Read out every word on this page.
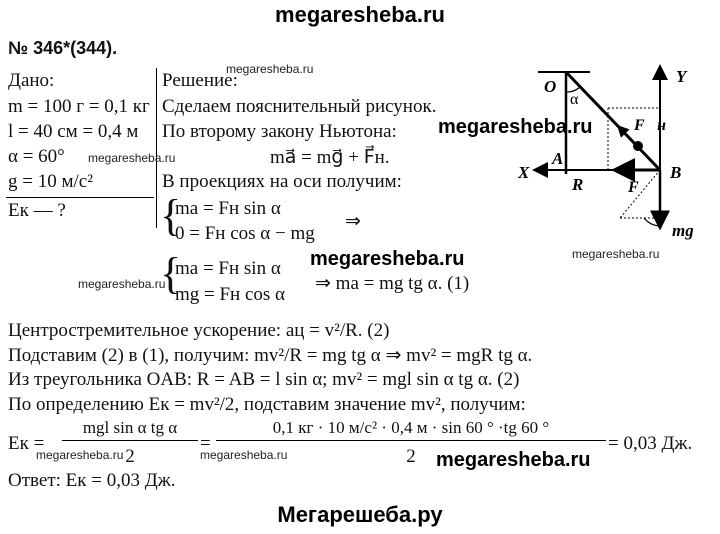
megaresheba.ru
№ 346*(344).
Дано:
m = 100 г = 0,1 кг
l = 40 см = 0,4 м
α = 60°
g = 10 м/с²
Eк — ?
Решение:
Сделаем пояснительный рисунок.
По второму закону Ньютона:
ma⃗ = mg⃗ + F⃗н.
В проекциях на оси получим:
{
ma = Fн sin α
0 = Fн cos α − mg
⇒
{
ma = Fн sin α
mg = Fн cos α
⇒ ma = mg tg α. (1)
Центростремительное ускорение: aц = v²/R. (2)
Подставим (2) в (1), получим: mv²/R = mg tg α ⇒ mv² = mgR tg α.
Из треугольника OAB: R = AB = l sin α; mv² = mgl sin α tg α. (2)
По определению Eк = mv²/2, подставим значение mv², получим:
Eк =
mgl sin α tg α
2
=
0,1 кг · 10 м/с² · 0,4 м · sin 60 ° ·tg 60 °
2
= 0,03 Дж.
Ответ: Eк = 0,03 Дж.
megaresheba.ru
megaresheba.ru
megaresheba.ru
megaresheba.ru
megaresheba.ru	megaresheba.ru
megaresheba.ru
megaresheba.ru
megaresheba.ru
O
α
A
B
R
X
Y
F⃗н
F⃗
mg⃗
Мегарешеба.ру
